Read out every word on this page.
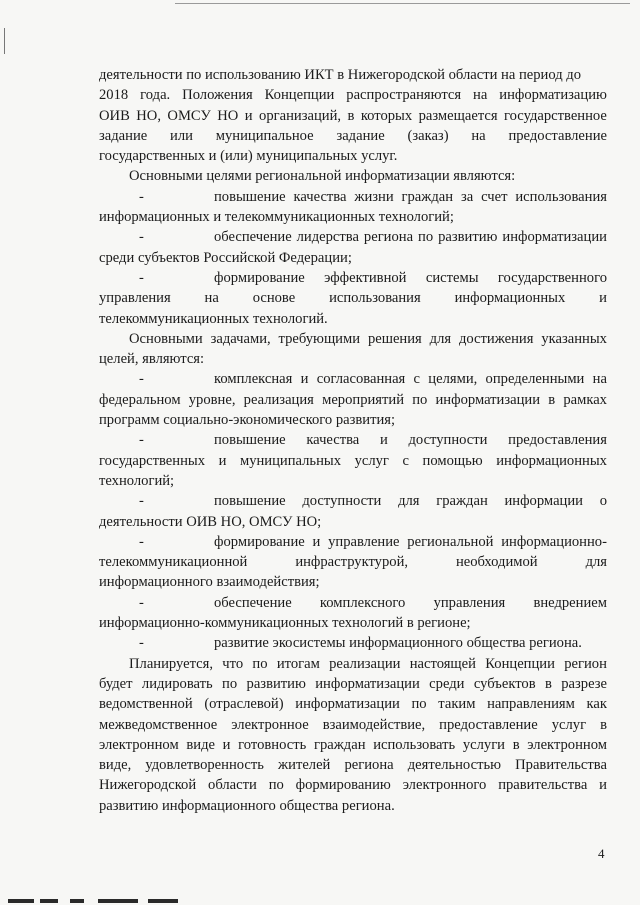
деятельности по использованию ИКТ в Нижегородской области на период до
2018 года. Положения Концепции распространяются на информатизацию
ОИВ НО, ОМСУ НО и организаций, в которых размещается государственное
задание или муниципальное задание (заказ) на предоставление
государственных и (или) муниципальных услуг.
Основными целями региональной информатизации являются:
-	повышение качества жизни граждан за счет использования
информационных и телекоммуникационных технологий;
-	обеспечение лидерства региона по развитию информатизации
среди субъектов Российской Федерации;
-	формирование эффективной системы государственного
управления на основе использования информационных и
телекоммуникационных технологий.
Основными задачами, требующими решения для достижения указанных
целей, являются:
-	комплексная и согласованная с целями, определенными на
федеральном уровне, реализация мероприятий по информатизации в рамках
программ социально-экономического развития;
-	повышение качества и доступности предоставления
государственных и муниципальных услуг с помощью информационных
технологий;
-	повышение доступности для граждан информации о
деятельности ОИВ НО, ОМСУ НО;
-	формирование и управление региональной информационно-
телекоммуникационной	инфраструктурой,	необходимой	для
информационного взаимодействия;
-	обеспечение комплексного управления внедрением
информационно-коммуникационных технологий в регионе;
-	развитие экосистемы информационного общества региона.
Планируется, что по итогам реализации настоящей Концепции регион
будет лидировать по развитию информатизации среди субъектов в разрезе
ведомственной (отраслевой) информатизации по таким направлениям как
межведомственное электронное взаимодействие, предоставление услуг в
электронном виде и готовность граждан использовать услуги в электронном
виде, удовлетворенность жителей региона деятельностью Правительства
Нижегородской области по формированию электронного правительства и
развитию информационного общества региона.
4
